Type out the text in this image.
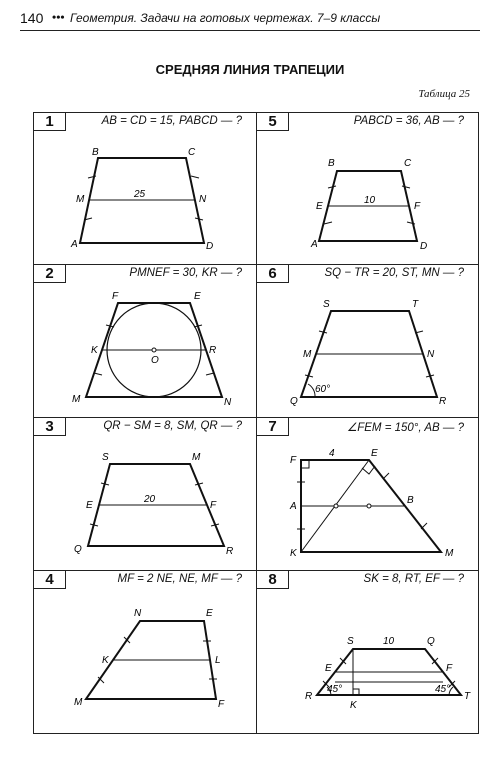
140 ••• Геометрия. Задачи на готовых чертежах. 7–9 классы
СРЕДНЯЯ ЛИНИЯ ТРАПЕЦИИ
Таблица 25
1	AB = CD = 15, PABCD — ?
B	C
M	N
25
A	D
5	PABCD = 36, AB — ?
B	C
E	F
10
A	D
2	PMNEF = 30, KR — ?
F	E
K
O
R
M	N
6	SQ − TR = 20, ST, MN — ?
S	T
M	N
60°
Q	R
3	QR − SM = 8, SM, QR — ?
S	M
E	F
20
Q	R
7	∠FEM = 150°, AB — ?
F
4	E
A
B
K	M
4	MF = 2 NE, NE, MF — ?
N	E
K	L
M	F
8	SK = 8, RT, EF — ?
S	10	Q
E	F
45°	45°
R
K
T
